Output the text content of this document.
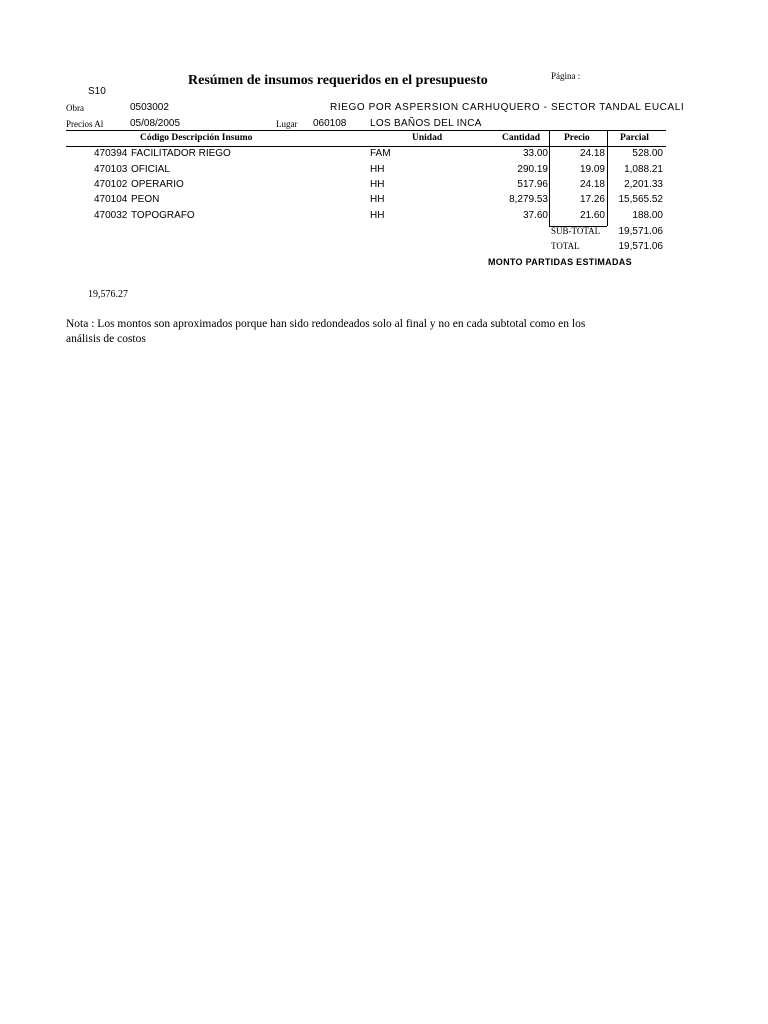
Resúmen de insumos requeridos en el presupuesto	Página :
S10
Obra	0503002	RIEGO POR ASPERSION CARHUQUERO - SECTOR TANDAL EUCALI
Precios Al	05/08/2005	Lugar 060108 LOS BAÑOS DEL INCA
Código Descripción Insumo	Unidad	Cantidad	Precio	Parcial
470394 FACILITADOR RIEGO	FAM	33.00	24.18	528.00
470103 OFICIAL	HH	290.19	19.09	1,088.21
470102 OPERARIO	HH	517.96	24.18	2,201.33
470104 PEON	HH	8,279.53	17.26	15,565.52
470032 TOPOGRAFO	HH	37.60	21.60	188.00
SUB-TOTAL	19,571.06
TOTAL	19,571.06
MONTO PARTIDAS ESTIMADAS
19,576.27
Nota : Los montos son aproximados porque han sido redondeados solo al final y no en cada subtotal como en los
análisis de costos
